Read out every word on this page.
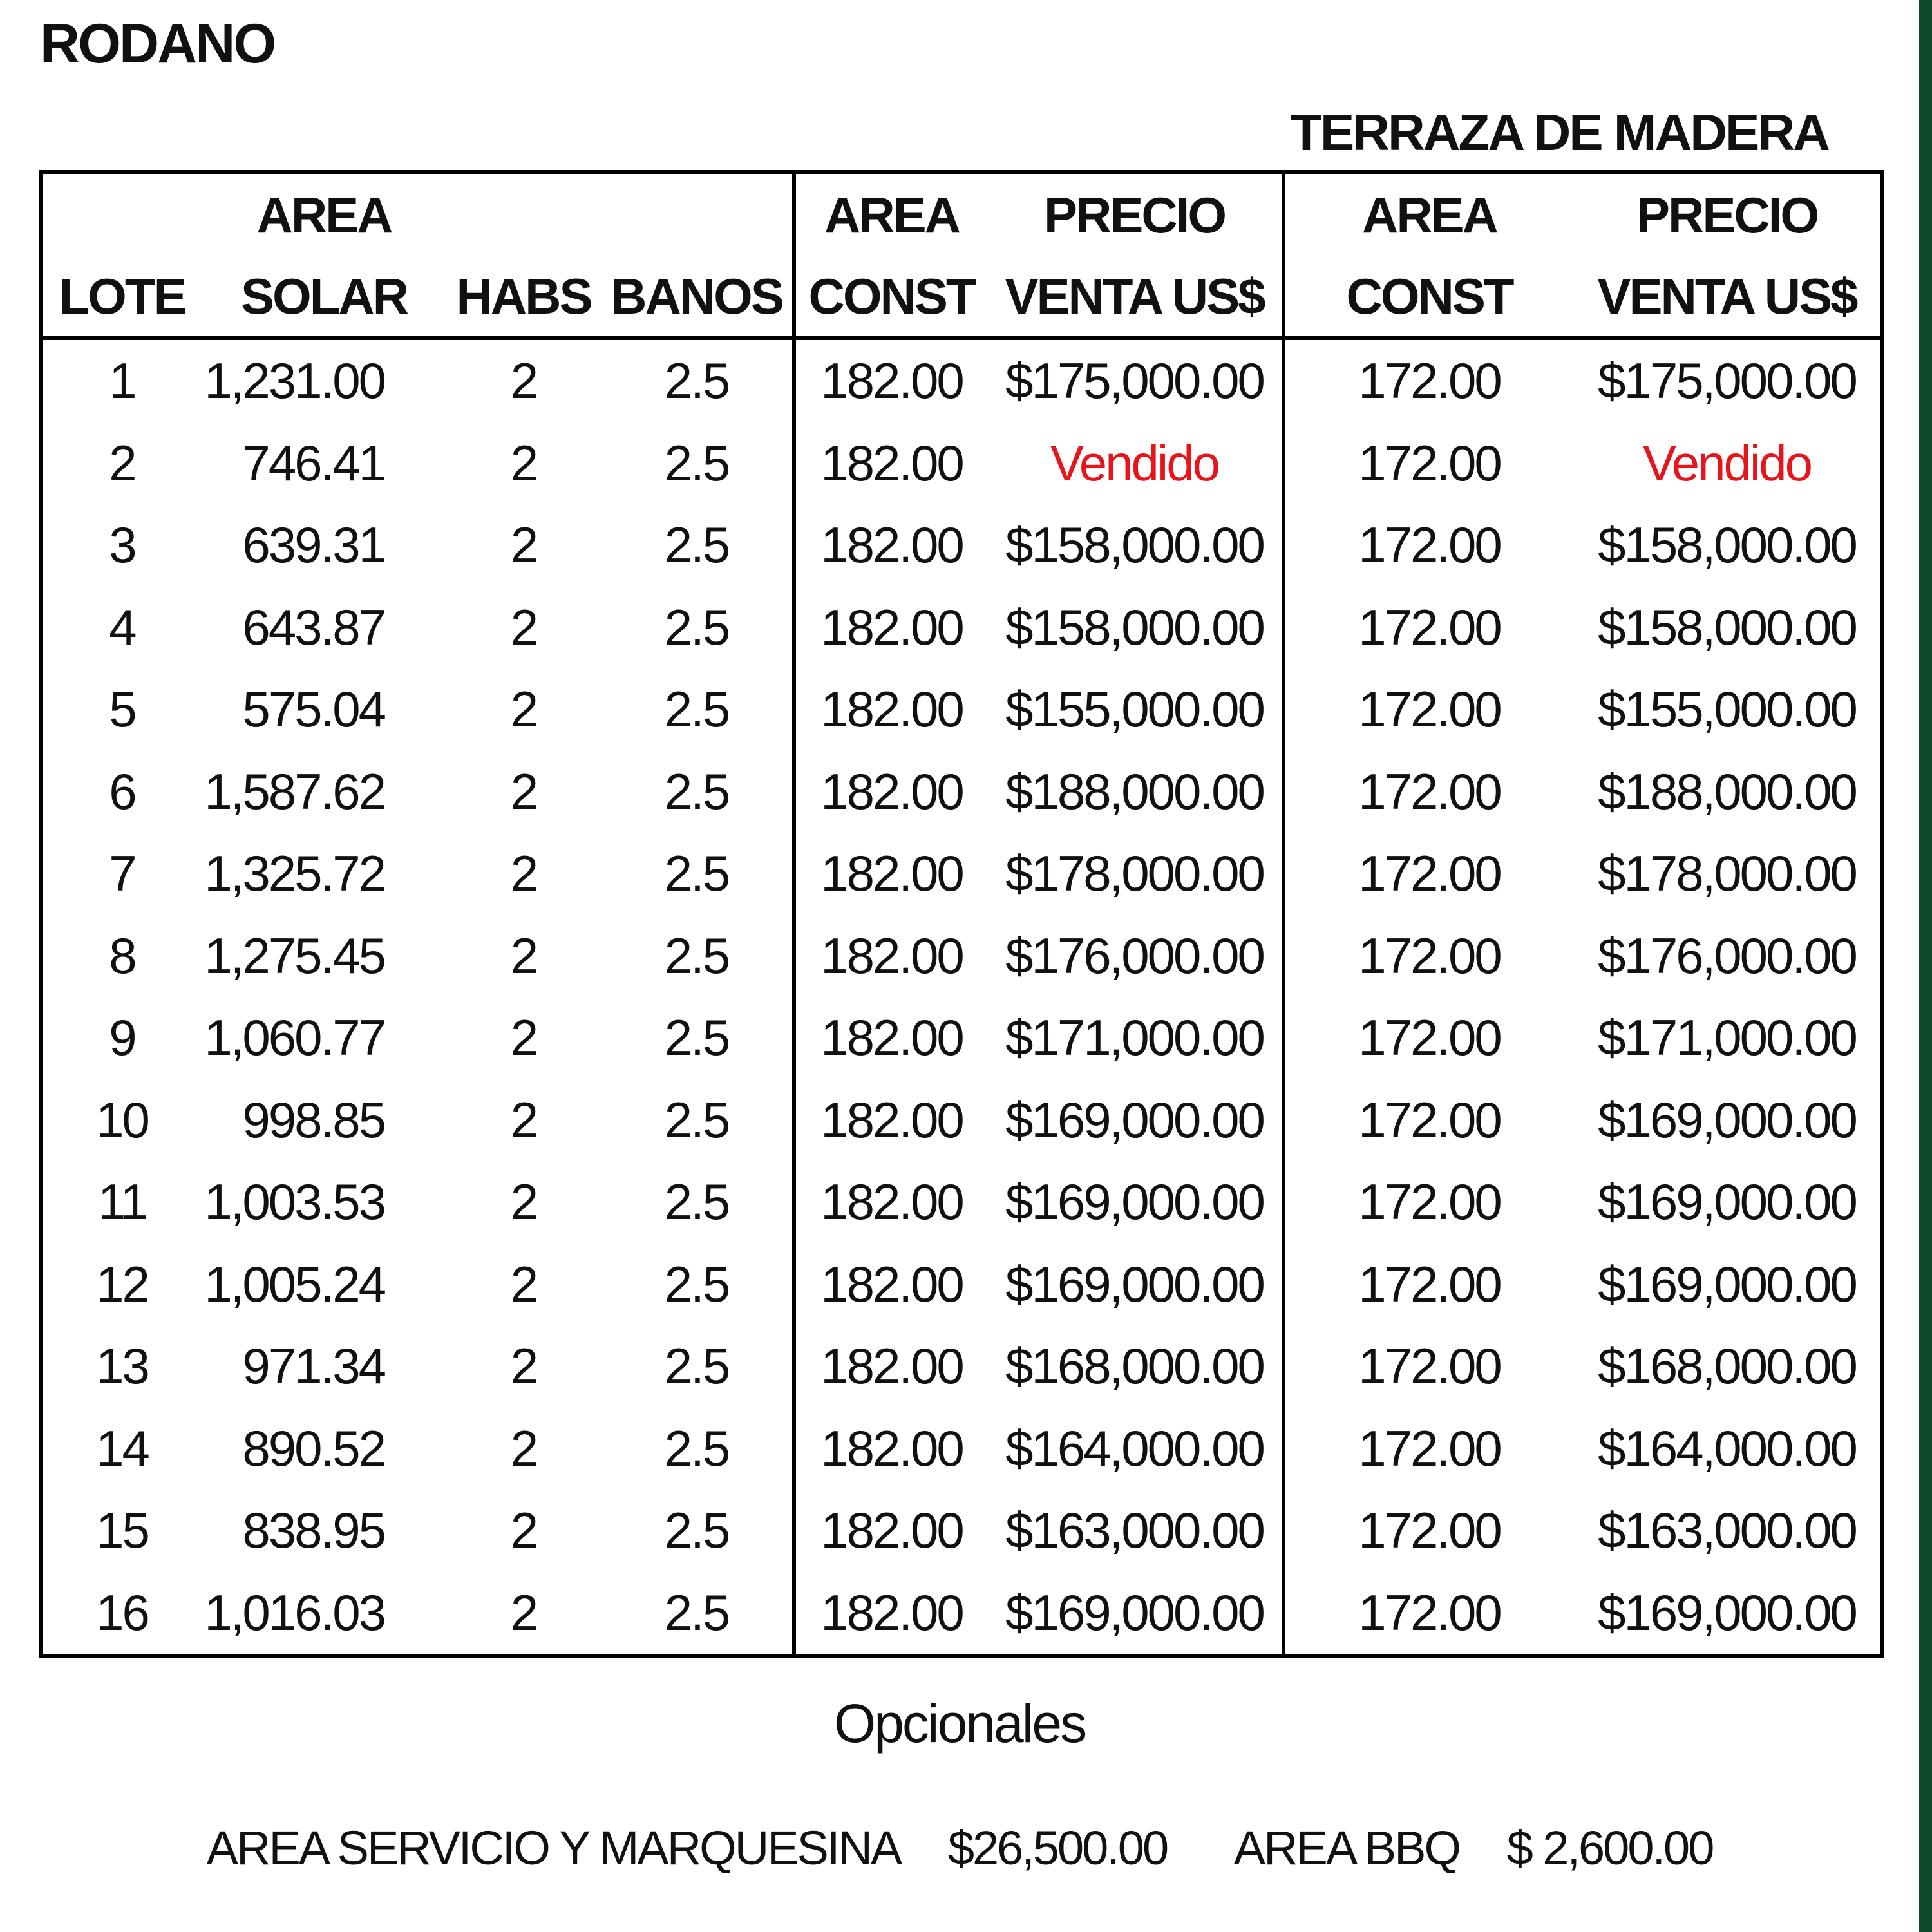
RODANO
TERRAZA DE MADERA
	AREA			AREA	PRECIO	AREA	PRECIO
LOTE	SOLAR	HABS	BANOS	CONST	VENTA US$	CONST	VENTA US$
1	1,231.00	2	2.5	182.00	$175,000.00	172.00	$175,000.00
2	746.41	2	2.5	182.00	Vendido	172.00	Vendido
3	639.31	2	2.5	182.00	$158,000.00	172.00	$158,000.00
4	643.87	2	2.5	182.00	$158,000.00	172.00	$158,000.00
5	575.04	2	2.5	182.00	$155,000.00	172.00	$155,000.00
6	1,587.62	2	2.5	182.00	$188,000.00	172.00	$188,000.00
7	1,325.72	2	2.5	182.00	$178,000.00	172.00	$178,000.00
8	1,275.45	2	2.5	182.00	$176,000.00	172.00	$176,000.00
9	1,060.77	2	2.5	182.00	$171,000.00	172.00	$171,000.00
10	998.85	2	2.5	182.00	$169,000.00	172.00	$169,000.00
11	1,003.53	2	2.5	182.00	$169,000.00	172.00	$169,000.00
12	1,005.24	2	2.5	182.00	$169,000.00	172.00	$169,000.00
13	971.34	2	2.5	182.00	$168,000.00	172.00	$168,000.00
14	890.52	2	2.5	182.00	$164,000.00	172.00	$164,000.00
15	838.95	2	2.5	182.00	$163,000.00	172.00	$163,000.00
16	1,016.03	2	2.5	182.00	$169,000.00	172.00	$169,000.00
Opcionales
AREA SERVICIO Y MARQUESINA $26,500.00 AREA BBQ $ 2,600.00
